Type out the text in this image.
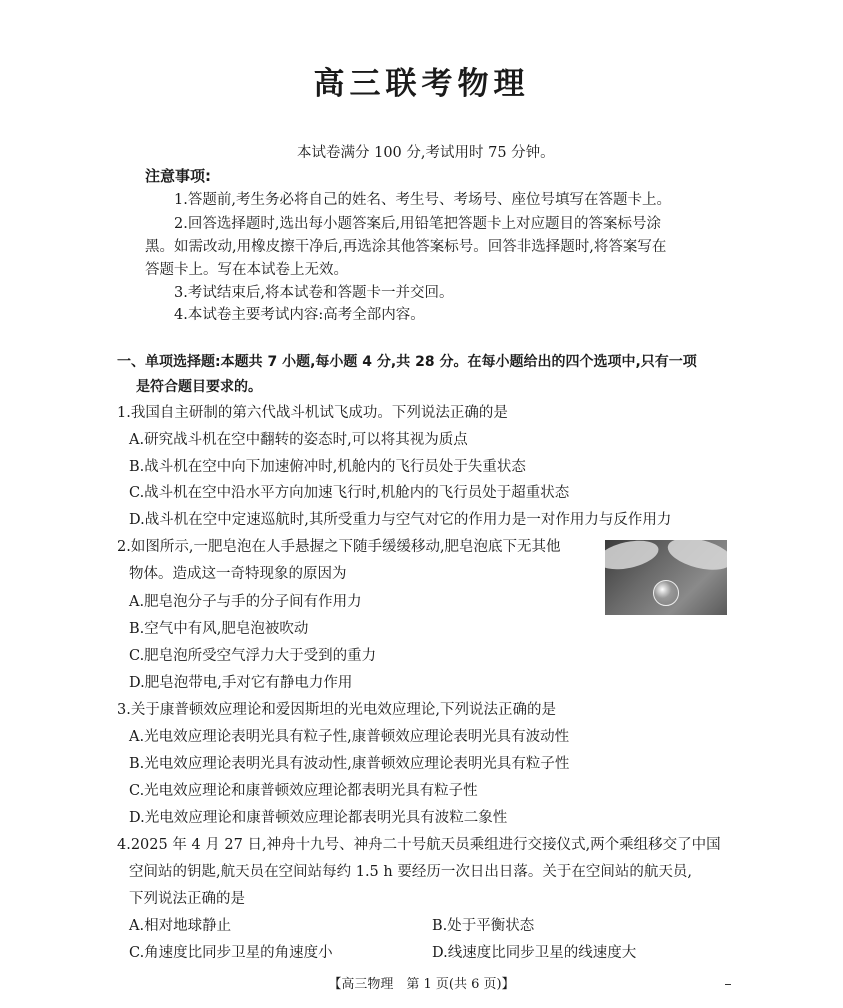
高三联考物理
本试卷满分 100 分,考试用时 75 分钟。
注意事项:
1.答题前,考生务必将自己的姓名、考生号、考场号、座位号填写在答题卡上。
2.回答选择题时,选出每小题答案后,用铅笔把答题卡上对应题目的答案标号涂
黑。如需改动,用橡皮擦干净后,再选涂其他答案标号。回答非选择题时,将答案写在
答题卡上。写在本试卷上无效。
3.考试结束后,将本试卷和答题卡一并交回。
4.本试卷主要考试内容:高考全部内容。
一、单项选择题:本题共 7 小题,每小题 4 分,共 28 分。在每小题给出的四个选项中,只有一项
是符合题目要求的。
1.我国自主研制的第六代战斗机试飞成功。下列说法正确的是
A.研究战斗机在空中翻转的姿态时,可以将其视为质点
B.战斗机在空中向下加速俯冲时,机舱内的飞行员处于失重状态
C.战斗机在空中沿水平方向加速飞行时,机舱内的飞行员处于超重状态
D.战斗机在空中定速巡航时,其所受重力与空气对它的作用力是一对作用力与反作用力
2.如图所示,一肥皂泡在人手悬握之下随手缓缓移动,肥皂泡底下无其他
物体。造成这一奇特现象的原因为
A.肥皂泡分子与手的分子间有作用力
B.空气中有风,肥皂泡被吹动
C.肥皂泡所受空气浮力大于受到的重力
D.肥皂泡带电,手对它有静电力作用
3.关于康普顿效应理论和爱因斯坦的光电效应理论,下列说法正确的是
A.光电效应理论表明光具有粒子性,康普顿效应理论表明光具有波动性
B.光电效应理论表明光具有波动性,康普顿效应理论表明光具有粒子性
C.光电效应理论和康普顿效应理论都表明光具有粒子性
D.光电效应理论和康普顿效应理论都表明光具有波粒二象性
4.2025 年 4 月 27 日,神舟十九号、神舟二十号航天员乘组进行交接仪式,两个乘组移交了中国
空间站的钥匙,航天员在空间站每约 1.5 h 要经历一次日出日落。关于在空间站的航天员,
下列说法正确的是
A.相对地球静止	B.处于平衡状态
C.角速度比同步卫星的角速度小	D.线速度比同步卫星的线速度大
【高三物理　第 1 页(共 6 页)】
